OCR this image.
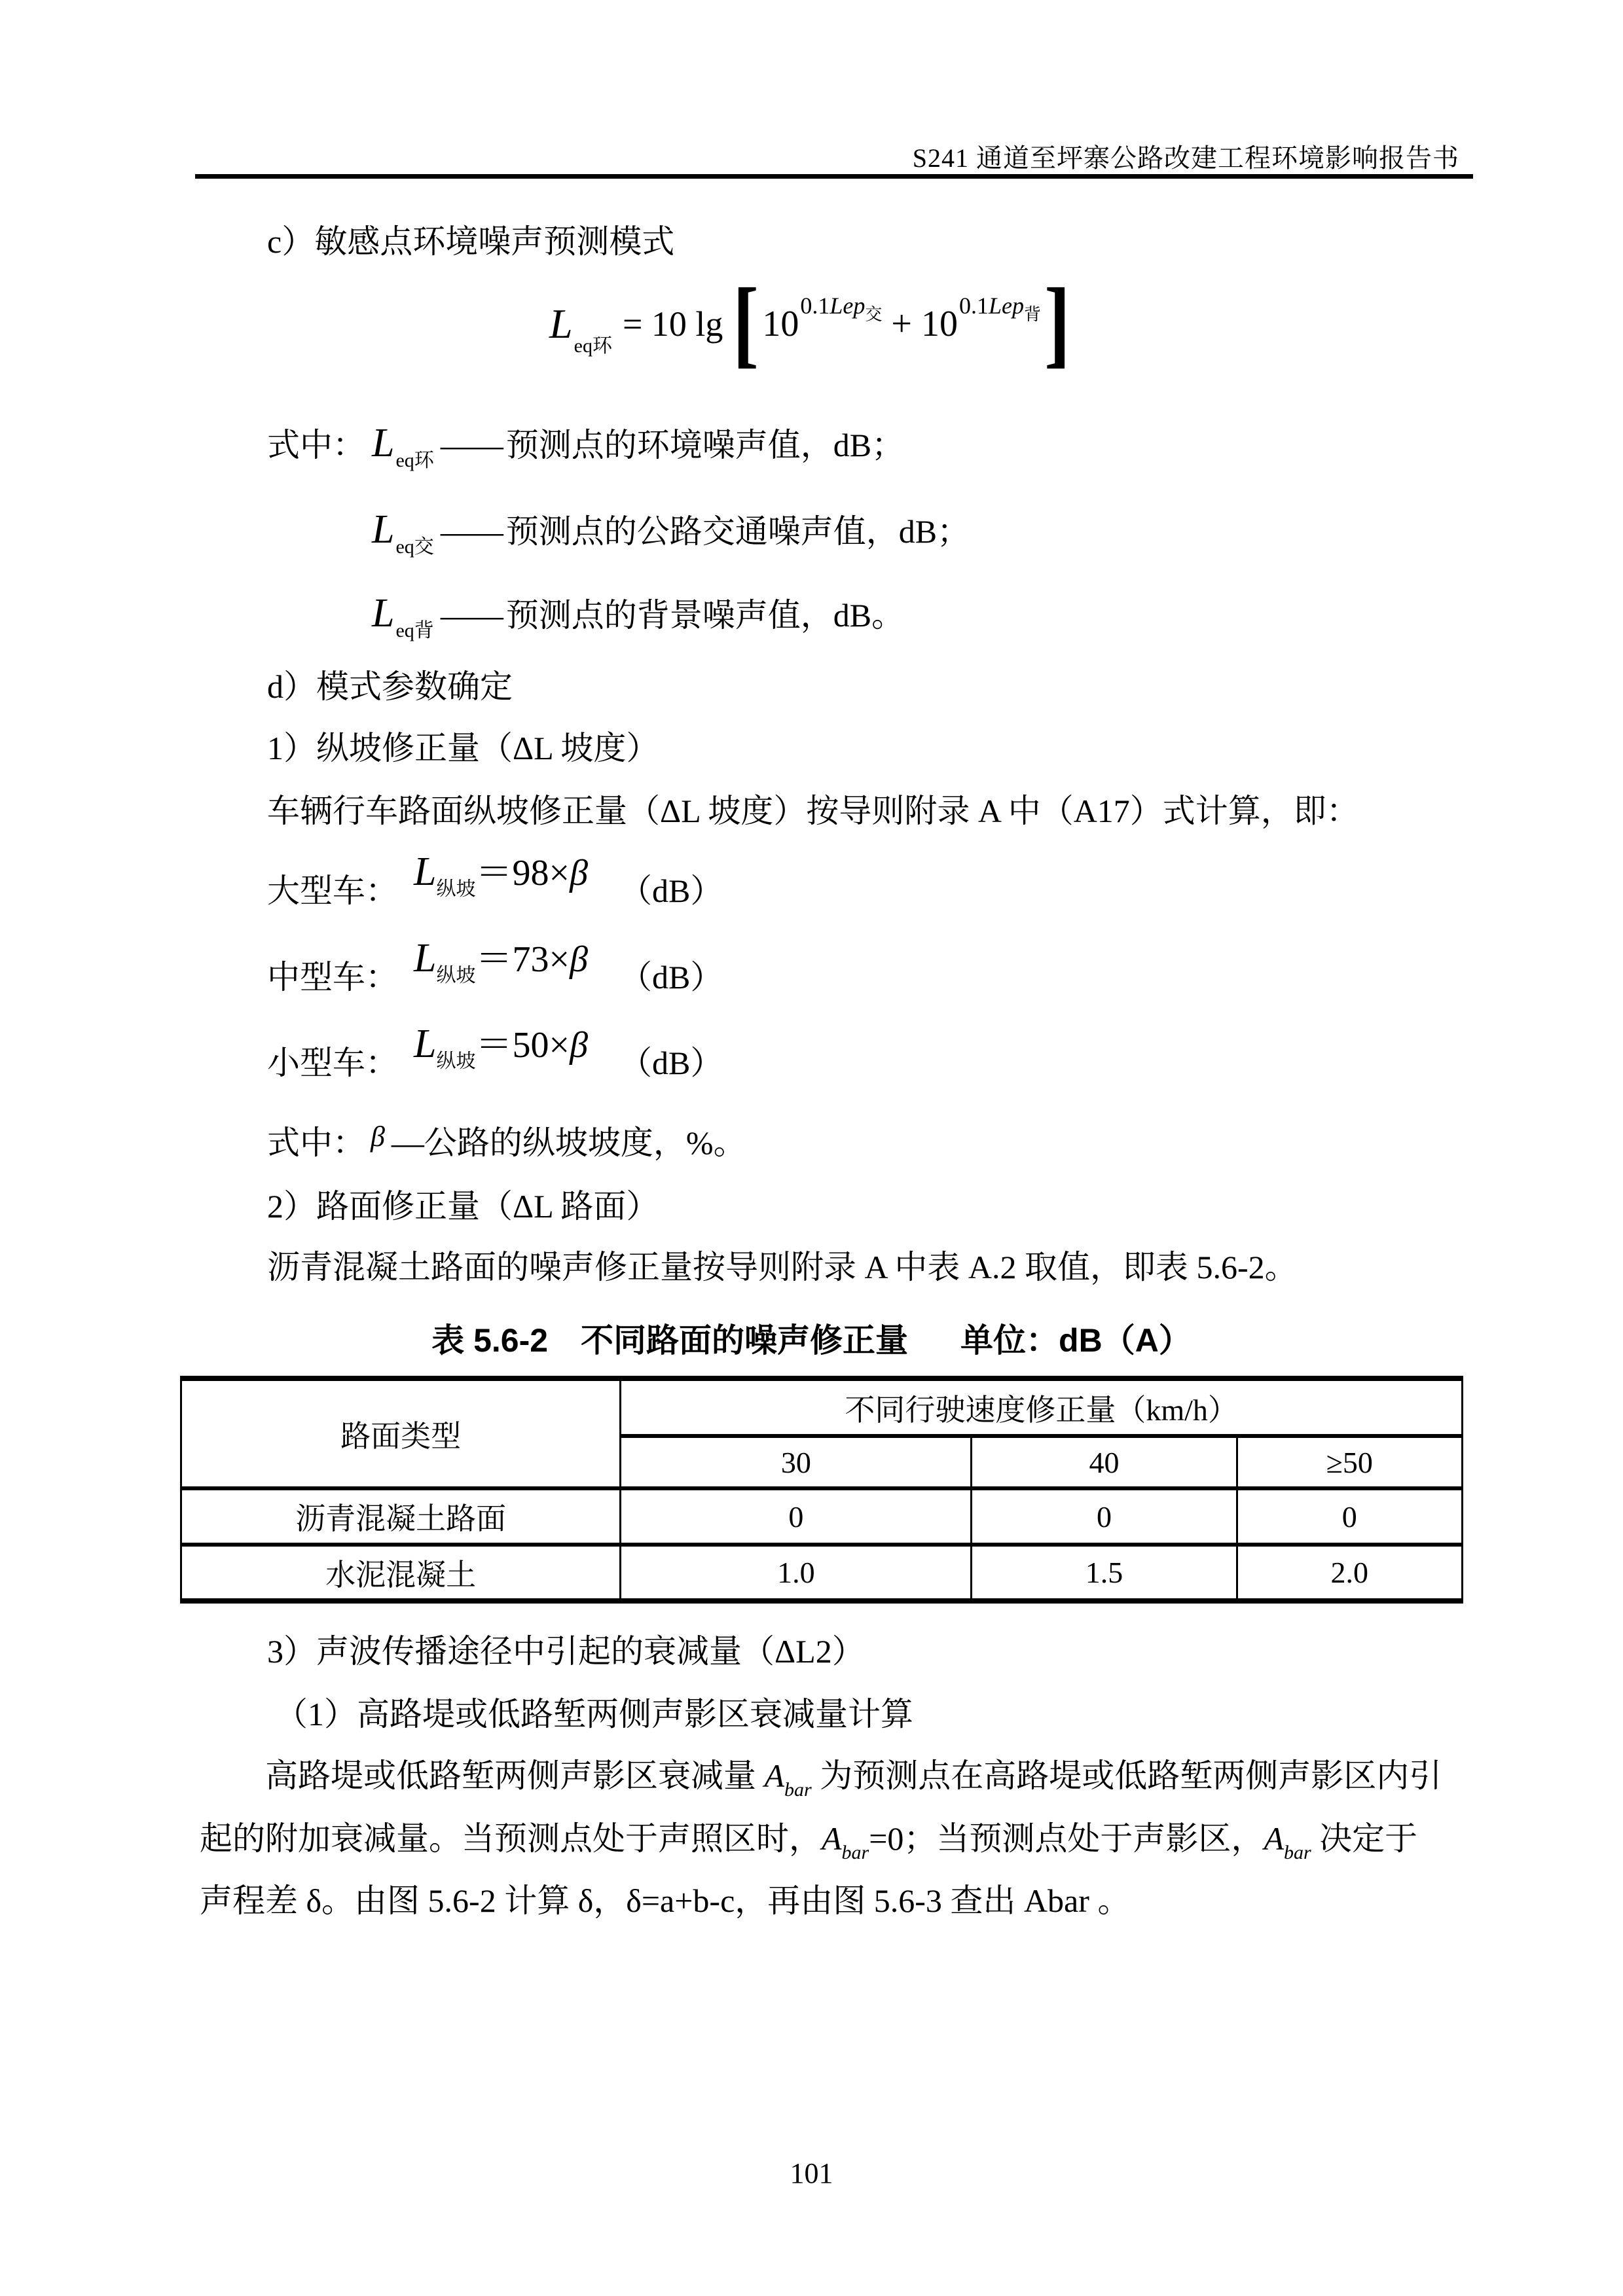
S241 通道至坪寨公路改建工程环境影响报告书
c）敏感点环境噪声预测模式
Leq环
= 10 lg [ 100.1Lep$_交$ + 100.1Lep$_背$ ]
式中： Leq环 —— 预测点的环境噪声值，dB；
Leq交 —— 预测点的公路交通噪声值，dB；
Leq背 —— 预测点的背景噪声值，dB。
d）模式参数确定
1）纵坡修正量（ΔL 坡度）
车辆行车路面纵坡修正量（ΔL 坡度）按导则附录 A 中（A17）式计算，即：
大型车： L纵坡＝98×β （dB）
中型车： L纵坡＝73×β （dB）
小型车： L纵坡＝50×β （dB）
式中： β —公路的纵坡坡度，%。
2）路面修正量（ΔL 路面）
沥青混凝土路面的噪声修正量按导则附录 A 中表 A.2 取值，即表 5.6-2。
表 5.6-2　不同路面的噪声修正量 单位：dB（A）
路面类型	不同行驶速度修正量（km/h）		
	30	40	≥50
沥青混凝土路面	0	0	0
水泥混凝土	1.0	1.5	2.0
3）声波传播途径中引起的衰减量（ΔL2）
（1）高路堤或低路堑两侧声影区衰减量计算
高路堤或低路堑两侧声影区衰减量 $A_{bar}$ 为预测点在高路堤或低路堑两侧声影区内引
起的附加衰减量。当预测点处于声照区时，$A_{bar}=0$；当预测点处于声影区，$A_{bar}$ 决定于
声程差 δ。由图 5.6-2 计算 δ，δ=a+b-c，再由图 5.6-3 查出 Abar 。
101
